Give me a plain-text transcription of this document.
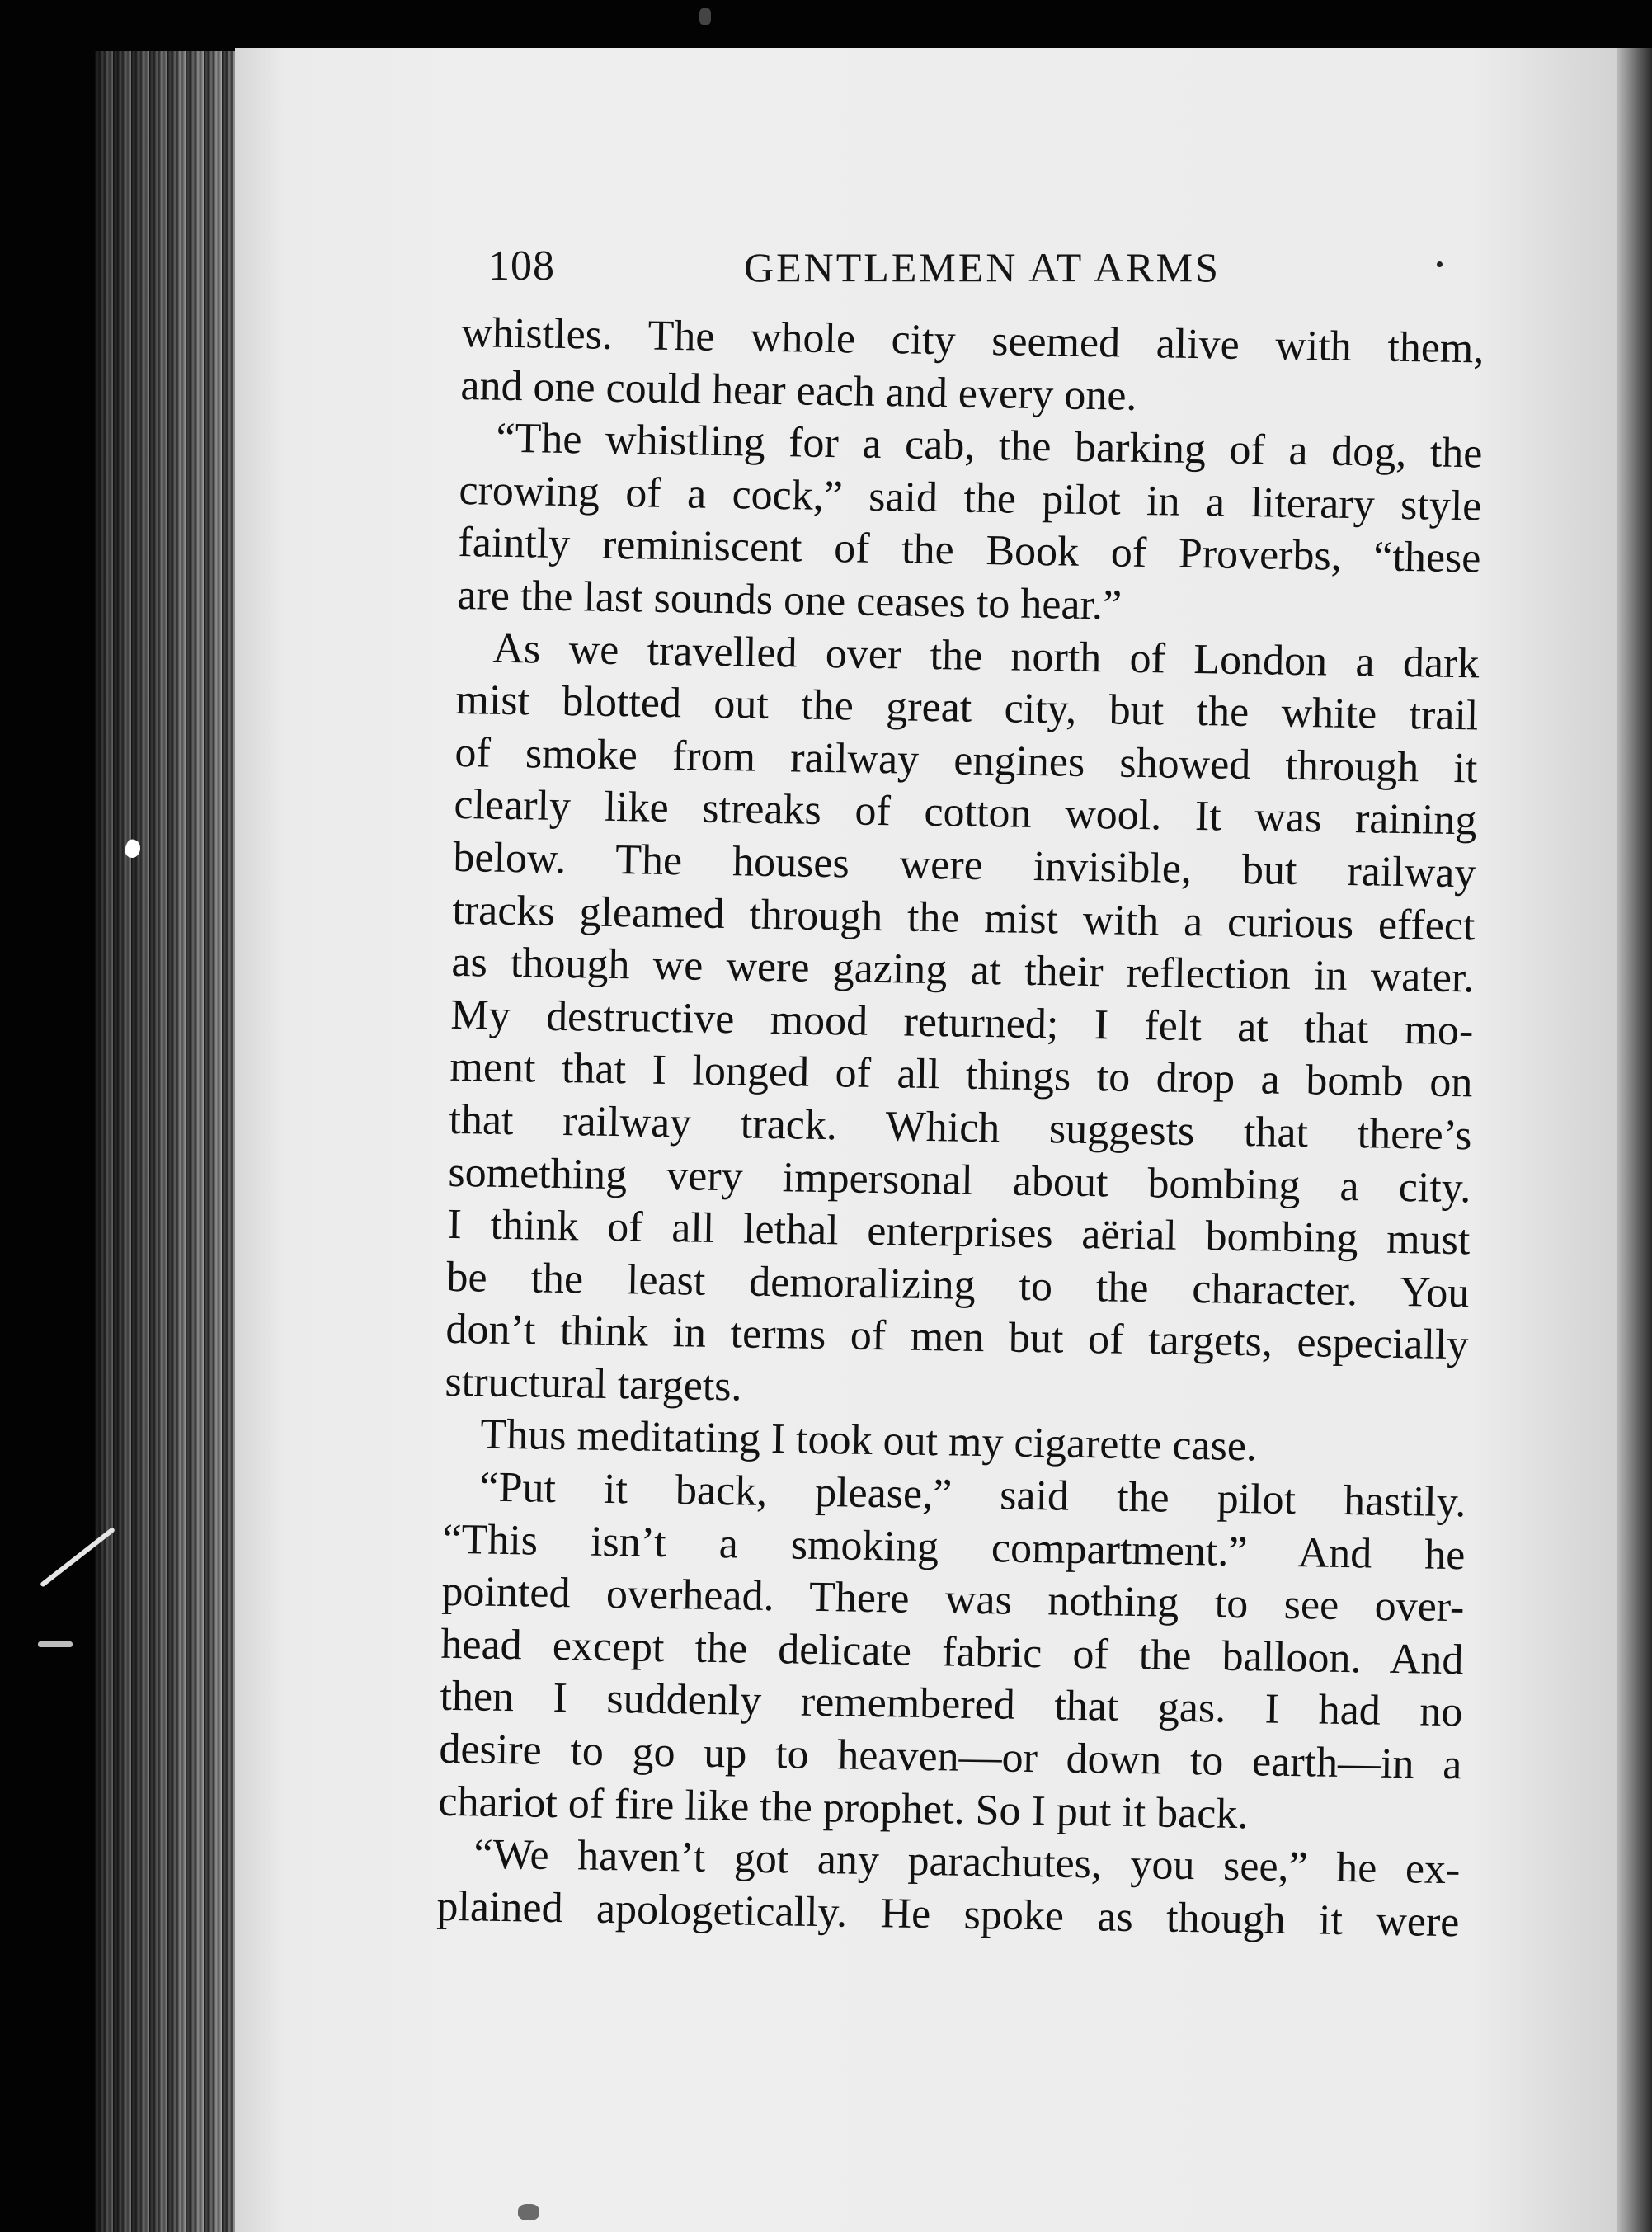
108	GENTLEMEN AT ARMS
whistles. The whole city seemed alive with them,
and one could hear each and every one.
“The whistling for a cab, the barking of a dog, the
crowing of a cock,” said the pilot in a literary style
faintly reminiscent of the Book of Proverbs, “these
are the last sounds one ceases to hear.”
As we travelled over the north of London a dark
mist blotted out the great city, but the white trail
of smoke from railway engines showed through it
clearly like streaks of cotton wool. It was raining
below. The houses were invisible, but railway
tracks gleamed through the mist with a curious effect
as though we were gazing at their reflection in water.
My destructive mood returned; I felt at that mo-
ment that I longed of all things to drop a bomb on
that railway track. Which suggests that there’s
something very impersonal about bombing a city.
I think of all lethal enterprises aërial bombing must
be the least demoralizing to the character. You
don’t think in terms of men but of targets, especially
structural targets.
Thus meditating I took out my cigarette case.
“Put it back, please,” said the pilot hastily.
“This isn’t a smoking compartment.” And he
pointed overhead. There was nothing to see over-
head except the delicate fabric of the balloon. And
then I suddenly remembered that gas. I had no
desire to go up to heaven—or down to earth—in a
chariot of fire like the prophet. So I put it back.
“We haven’t got any parachutes, you see,” he ex-
plained apologetically. He spoke as though it were
